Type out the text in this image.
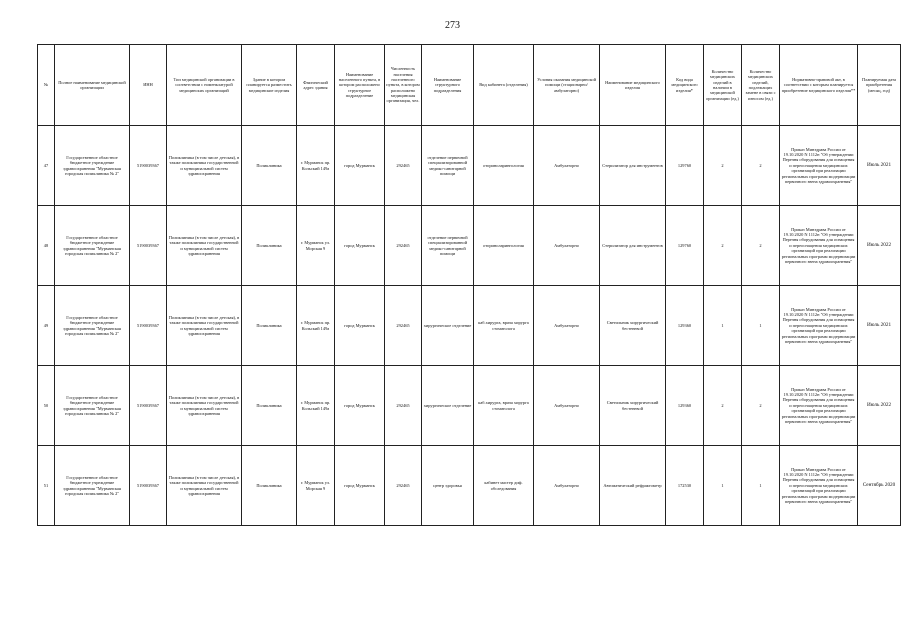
273
№	Полное наименование медицинской организации	ИНН	Тип медицинской организации в соответствии с номенклатурой медицинских организаций	Здание в котором планируется разместить медицинские изделия	Фактический адрес здания	Наименование населенного пункта, в котором расположено структурное подразделение	Численность населения населенного пункта, в котором расположено медицинская организация, чел.	Наименование структурного подразделения	Вид кабинета (отделения)	Условия оказания медицинской помощи (стационарно/амбулаторно)	Наименование медицинского изделия	Код вида медицинского изделия*	Количество медицинских изделий в наличии в медицинской организации (ед.)	Количество медицинских изделий, подлежащих замене в связи с износом (ед.)	Нормативно-правовой акт, в соответствии с которым планируется приобретение медицинского изделия**	Планируемая дата приобретения (месяц, год)
47	Государственное областное бюджетное учреждение здравоохранения "Мурманская городская поликлиника № 2"	5190039367	Поликлиника (в том числе детская), в также поликлиника государственной и муниципальной систем здравоохранения	Поликлиника	г. Мурманск пр. Кольский 149а	город Мурманск	292465	отделение первичной специализированной медико-санитарной помощи	оториноларингология	Амбулаторно	Стерилизатор для инструментов	129760	2	2	Приказ Минздрава России от 19.10.2020 N 1112н "Об утверждении Перечня оборудования для оснащения и переоснащения медицинских организаций при реализации региональных программ модернизации первичного звена здравоохранения"	Июль 2021
48	Государственное областное бюджетное учреждение здравоохранения "Мурманская городская поликлиника № 2"	5190039367	Поликлиника (в том числе детская), в также поликлиника государственной и муниципальной систем здравоохранения	Поликлиника	г. Мурманск ул. Морская 9	город Мурманск	292465	отделение первичной специализированной медико-санитарной помощи	оториноларингология	Амбулаторно	Стерилизатор для инструментов	129760	2	2	Приказ Минздрава России от 19.10.2020 N 1112н "Об утверждении Перечня оборудования для оснащения и переоснащения медицинских организаций при реализации региональных программ модернизации первичного звена здравоохранения"	Июль 2022
49	Государственное областное бюджетное учреждение здравоохранения "Мурманская городская поликлиника № 2"	5190039367	Поликлиника (в том числе детская), в также поликлиника государственной и муниципальной систем здравоохранения	Поликлиника	г. Мурманск пр. Кольский 149а	город Мурманск	292465	хирургическое отделение	каб.хирурга, врача хирурга стоматолога	Амбулаторно	Светильник хирургический бестеневой	129360	1	1	Приказ Минздрава России от 19.10.2020 N 1112н "Об утверждении Перечня оборудования для оснащения и переоснащения медицинских организаций при реализации региональных программ модернизации первичного звена здравоохранения"	Июль 2021
50	Государственное областное бюджетное учреждение здравоохранения "Мурманская городская поликлиника № 2"	5190039367	Поликлиника (в том числе детская), в также поликлиника государственной и муниципальной систем здравоохранения	Поликлиника	г. Мурманск пр. Кольский 149а	город Мурманск	292465	хирургическое отделение	каб.хирурга, врача хирурга стоматолога	Амбулаторно	Светильник хирургический бестеневой	129360	2	2	Приказ Минздрава России от 19.10.2020 N 1112н "Об утверждении Перечня оборудования для оснащения и переоснащения медицинских организаций при реализации региональных программ модернизации первичного звена здравоохранения"	Июль 2022
51	Государственное областное бюджетное учреждение здравоохранения "Мурманская городская поликлиника № 2"	5190039367	Поликлиника (в том числе детская), в также поликлиника государственной и муниципальной систем здравоохранения	Поликлиника	г. Мурманск ул. Морская 9	город Мурманск	292465	центр здоровья	кабинет мастер диф. обследования	Амбулаторно	Автоматический рефрактометр	172530	1	1	Приказ Минздрава России от 19.10.2020 N 1112н "Об утверждении Перечня оборудования для оснащения и переоснащения медицинских организаций при реализации региональных программ модернизации первичного звена здравоохранения"	Сентябрь 2020
